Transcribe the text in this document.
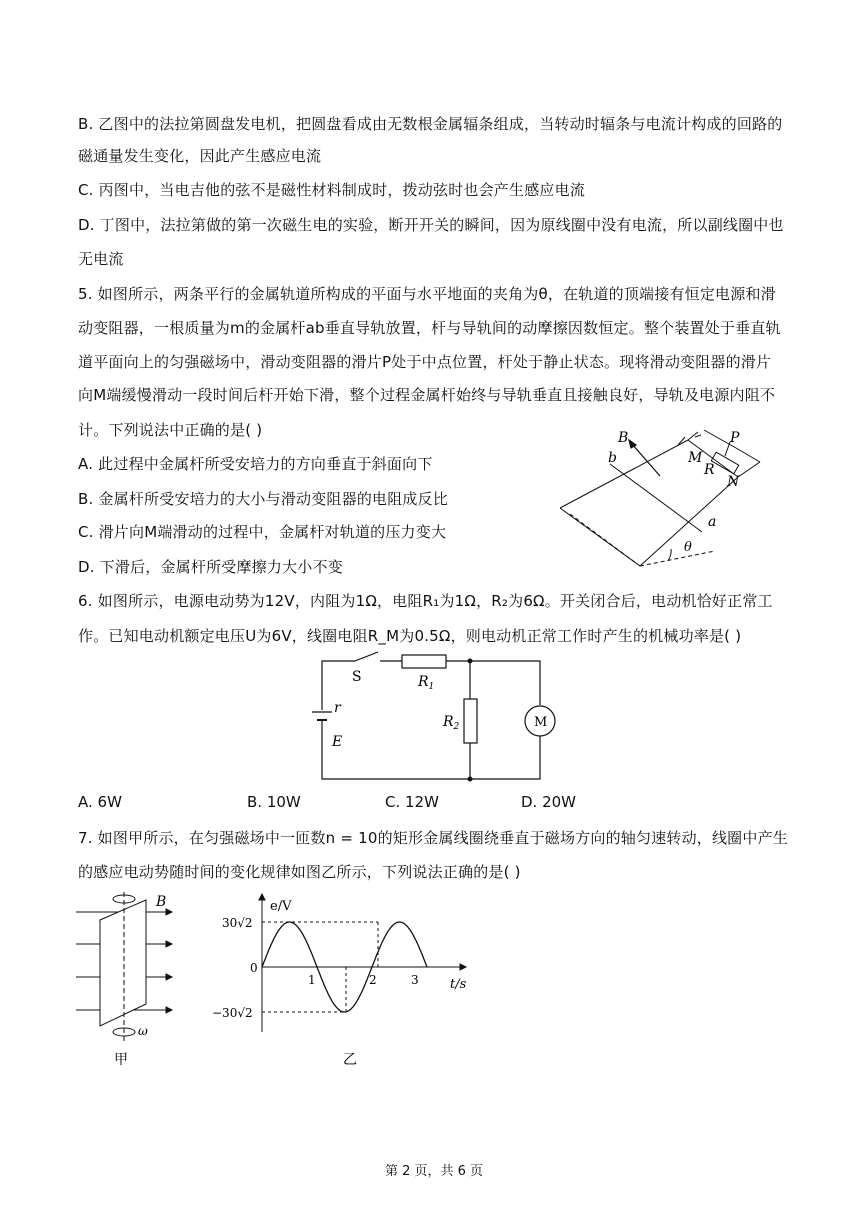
B. 乙图中的法拉第圆盘发电机，把圆盘看成由无数根金属辐条组成，当转动时辐条与电流计构成的回路的
磁通量发生变化，因此产生感应电流
C. 丙图中，当电吉他的弦不是磁性材料制成时，拨动弦时也会产生感应电流
D. 丁图中，法拉第做的第一次磁生电的实验，断开开关的瞬间，因为原线圈中没有电流，所以副线圈中也
无电流
5. 如图所示，两条平行的金属轨道所构成的平面与水平地面的夹角为θ，在轨道的顶端接有恒定电源和滑
动变阻器，一根质量为m的金属杆ab垂直导轨放置，杆与导轨间的动摩擦因数恒定。整个装置处于垂直轨
道平面向上的匀强磁场中，滑动变阻器的滑片P处于中点位置，杆处于静止状态。现将滑动变阻器的滑片
向M端缓慢滑动一段时间后杆开始下滑，整个过程金属杆始终与导轨垂直且接触良好，导轨及电源内阻不
计。下列说法中正确的是( )
A. 此过程中金属杆所受安培力的方向垂直于斜面向下
B. 金属杆所受安培力的大小与滑动变阻器的电阻成反比
C. 滑片向M端滑动的过程中，金属杆对轨道的压力变大
D. 下滑后，金属杆所受摩擦力大小不变
6. 如图所示，电源电动势为12V，内阻为1Ω，电阻R₁为1Ω，R₂为6Ω。开关闭合后，电动机恰好正常工
作。已知电动机额定电压U为6V，线圈电阻R_M为0.5Ω，则电动机正常工作时产生的机械功率是( )
B
b
P
M
R
N
a
θ
S	$R_1$
$R_2$
r
E
M
A. 6W	B. 10W	C. 12W	D. 20W
7. 如图甲所示，在匀强磁场中一匝数n = 10的矩形金属线圈绕垂直于磁场方向的轴匀速转动，线圈中产生
的感应电动势随时间的变化规律如图乙所示，下列说法正确的是( )
B
ω
甲
e/V
t/s
30√2
−30√2
0
1	2	3
乙
第 2 页，共 6 页
